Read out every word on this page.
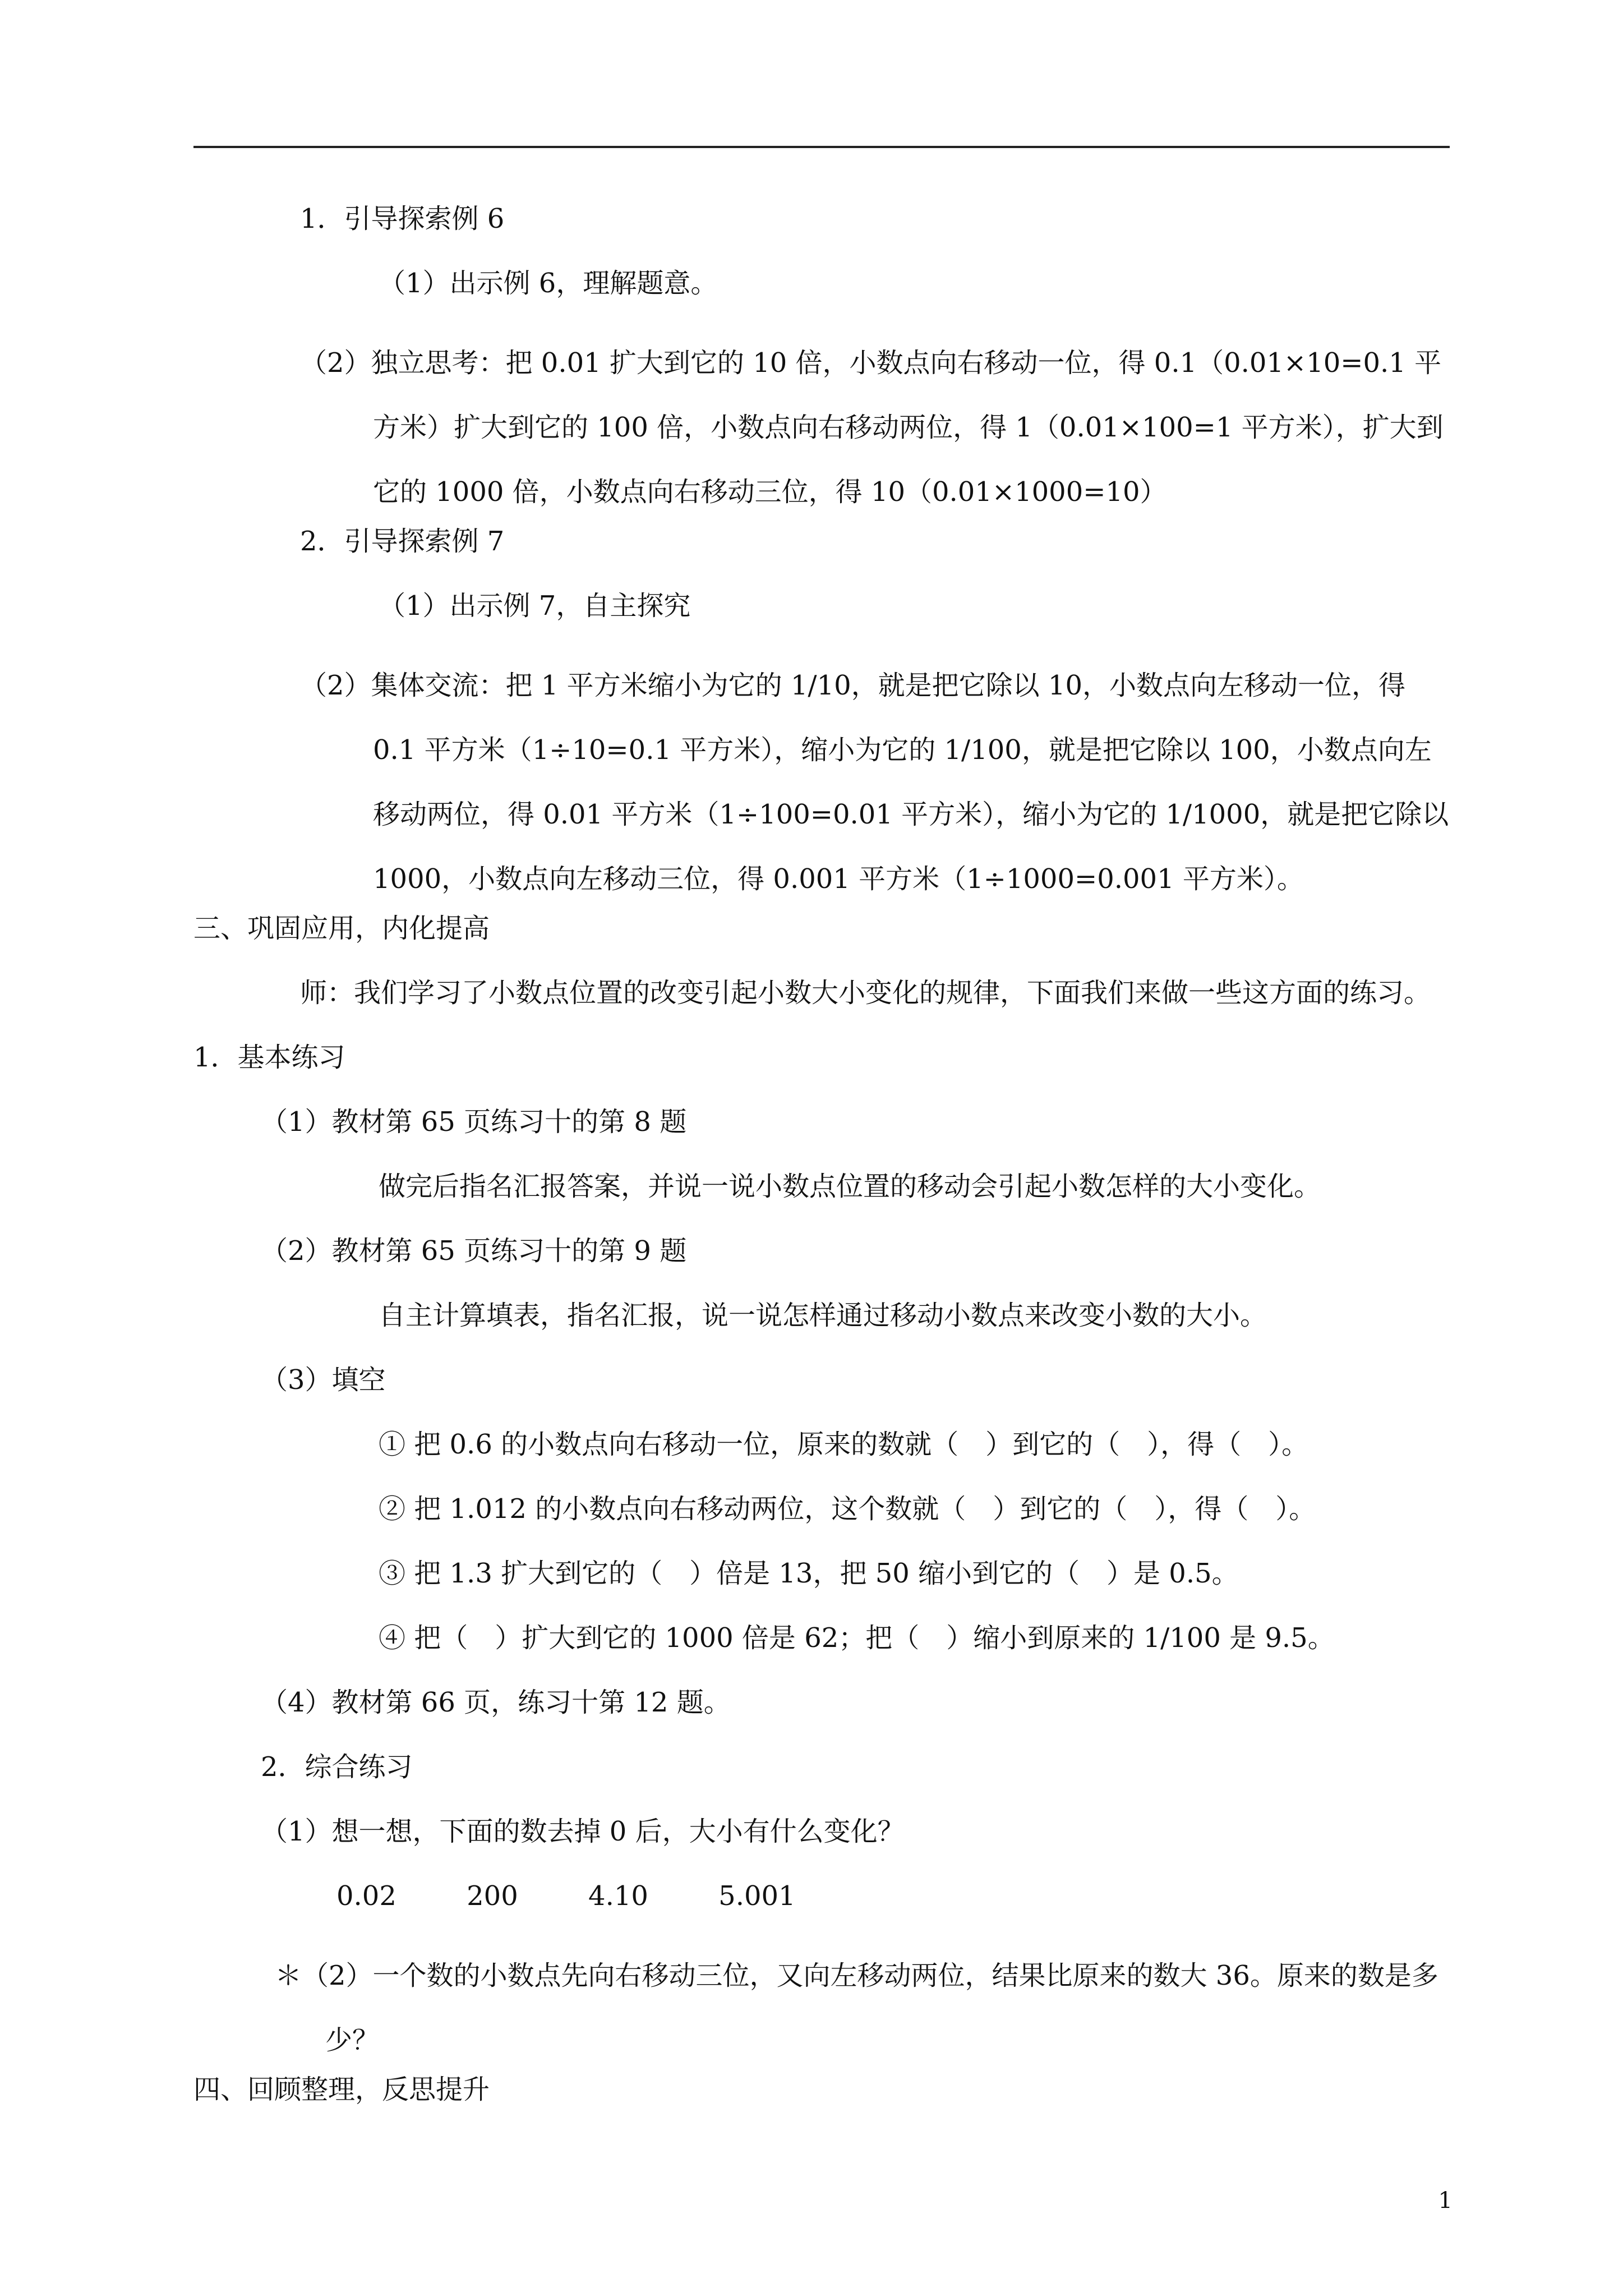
1．引导探索例 6
（1）出示例 6，理解题意。
（2）独立思考：把 0.01 扩大到它的 10 倍，小数点向右移动一位，得 0.1（0.01×10=0.1 平方米）扩大到它的 100 倍，小数点向右移动两位，得 1（0.01×100=1 平方米），扩大到它的 1000 倍，小数点向右移动三位，得 10（0.01×1000=10）
2．引导探索例 7
（1）出示例 7，自主探究
（2）集体交流：把 1 平方米缩小为它的 1/10，就是把它除以 10，小数点向左移动一位，得 0.1 平方米（1÷10=0.1 平方米），缩小为它的 1/100，就是把它除以 100，小数点向左移动两位，得 0.01 平方米（1÷100=0.01 平方米），缩小为它的 1/1000，就是把它除以 1000，小数点向左移动三位，得 0.001 平方米（1÷1000=0.001 平方米）。
三、巩固应用，内化提高
师：我们学习了小数点位置的改变引起小数大小变化的规律，下面我们来做一些这方面的练习。
1．基本练习
（1）教材第 65 页练习十的第 8 题
做完后指名汇报答案，并说一说小数点位置的移动会引起小数怎样的大小变化。
（2）教材第 65 页练习十的第 9 题
自主计算填表，指名汇报，说一说怎样通过移动小数点来改变小数的大小。
（3）填空
① 把 0.6 的小数点向右移动一位，原来的数就（　）到它的（　），得（　）。
② 把 1.012 的小数点向右移动两位，这个数就（　）到它的（　），得（　）。
③ 把 1.3 扩大到它的（　）倍是 13，把 50 缩小到它的（　）是 0.5。
④ 把（　）扩大到它的 1000 倍是 62；把（　）缩小到原来的 1/100 是 9.5。
（4）教材第 66 页，练习十第 12 题。
2．综合练习
（1）想一想，下面的数去掉 0 后，大小有什么变化？
0.02	200	4.10	5.001
＊（2）一个数的小数点先向右移动三位，又向左移动两位，结果比原来的数大 36。原来的数是多少？
四、回顾整理，反思提升
1
